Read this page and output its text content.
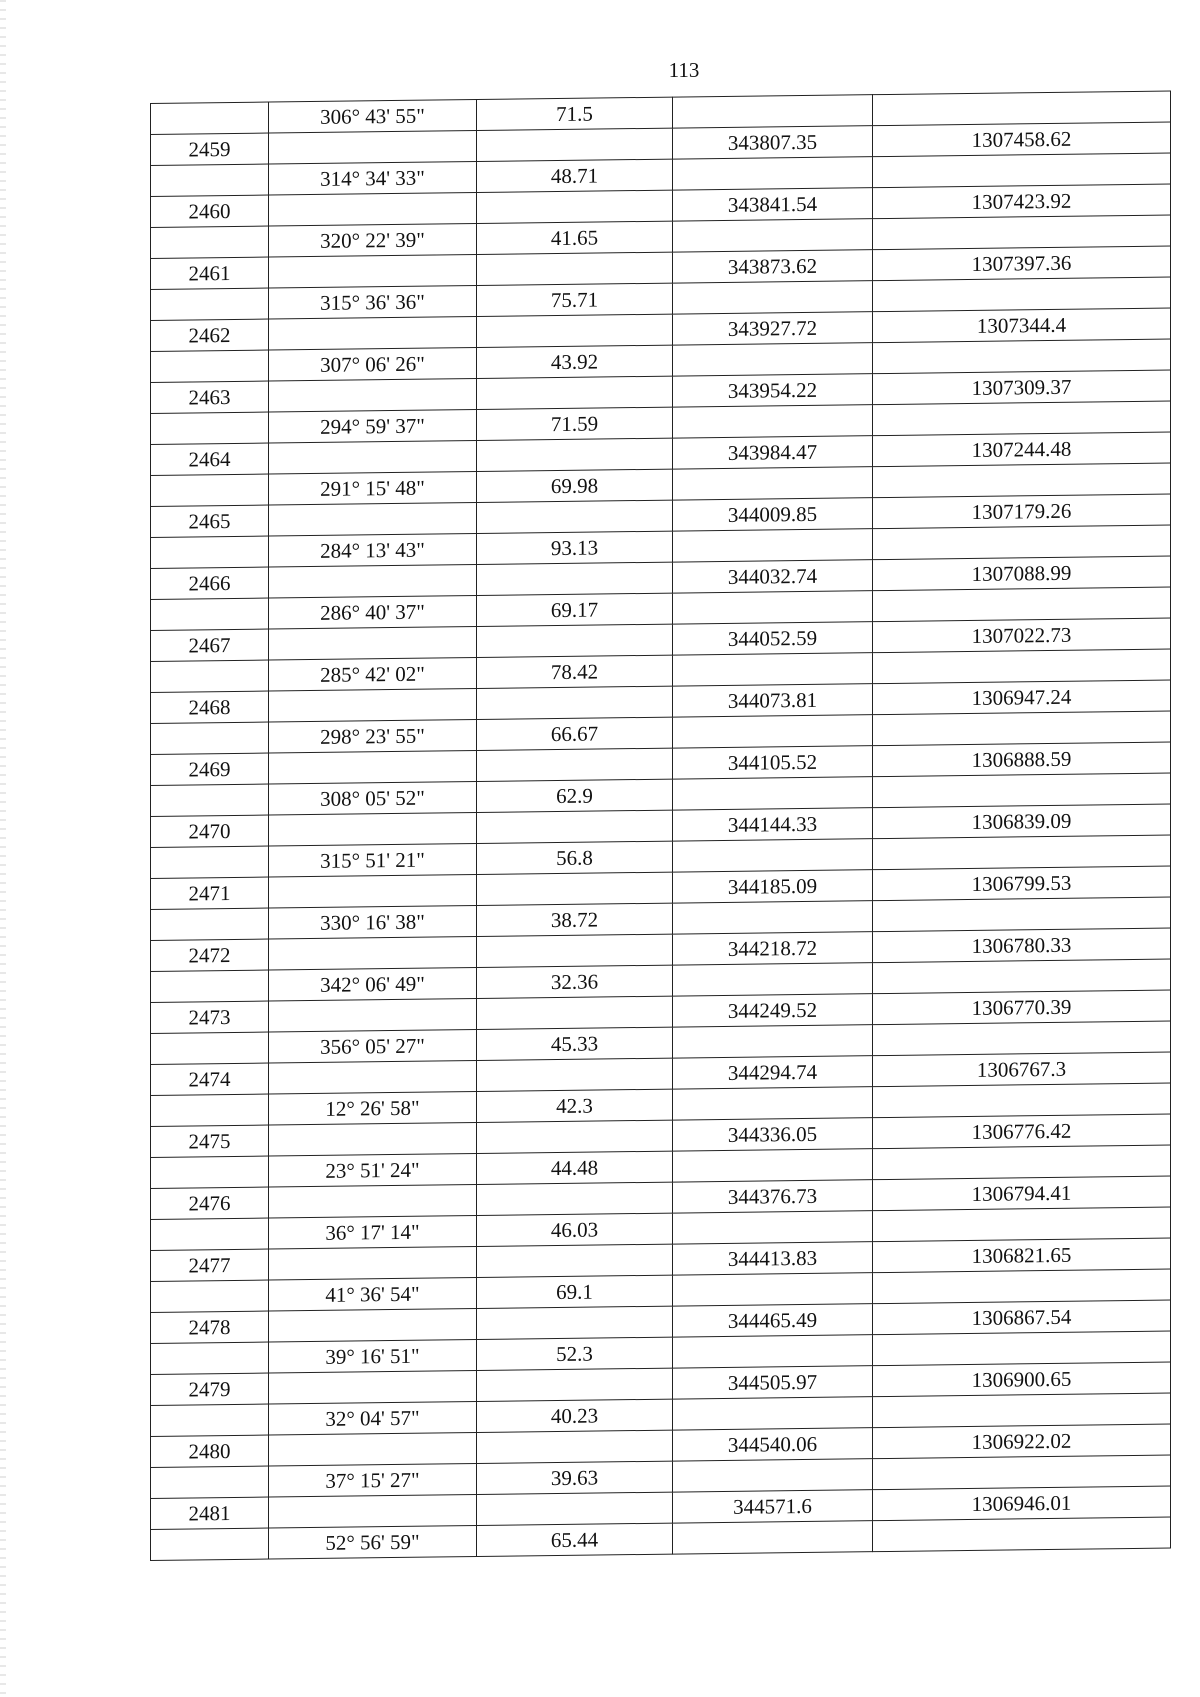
113
	306° 43' 55"	71.5		
2459			343807.35	1307458.62
	314° 34' 33"	48.71		
2460			343841.54	1307423.92
	320° 22' 39"	41.65		
2461			343873.62	1307397.36
	315° 36' 36"	75.71		
2462			343927.72	1307344.4
	307° 06' 26"	43.92		
2463			343954.22	1307309.37
	294° 59' 37"	71.59		
2464			343984.47	1307244.48
	291° 15' 48"	69.98		
2465			344009.85	1307179.26
	284° 13' 43"	93.13		
2466			344032.74	1307088.99
	286° 40' 37"	69.17		
2467			344052.59	1307022.73
	285° 42' 02"	78.42		
2468			344073.81	1306947.24
	298° 23' 55"	66.67		
2469			344105.52	1306888.59
	308° 05' 52"	62.9		
2470			344144.33	1306839.09
	315° 51' 21"	56.8		
2471			344185.09	1306799.53
	330° 16' 38"	38.72		
2472			344218.72	1306780.33
	342° 06' 49"	32.36		
2473			344249.52	1306770.39
	356° 05' 27"	45.33		
2474			344294.74	1306767.3
	12° 26' 58"	42.3		
2475			344336.05	1306776.42
	23° 51' 24"	44.48		
2476			344376.73	1306794.41
	36° 17' 14"	46.03		
2477			344413.83	1306821.65
	41° 36' 54"	69.1		
2478			344465.49	1306867.54
	39° 16' 51"	52.3		
2479			344505.97	1306900.65
	32° 04' 57"	40.23		
2480			344540.06	1306922.02
	37° 15' 27"	39.63		
2481			344571.6	1306946.01
	52° 56' 59"	65.44		
